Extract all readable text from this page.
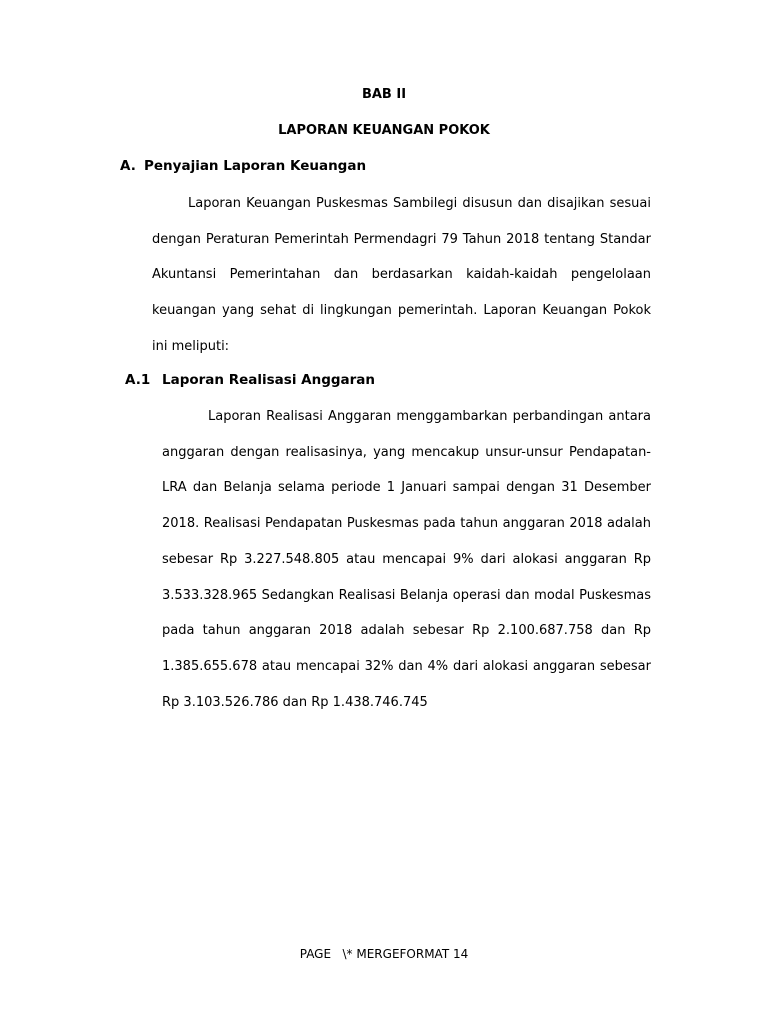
BAB II
LAPORAN KEUANGAN POKOK
A. Penyajian Laporan Keuangan

Laporan Keuangan Puskesmas Sambilegi disusun dan disajikan sesuai dengan Peraturan Pemerintah Permendagri 79 Tahun 2018 tentang Standar Akuntansi Pemerintahan dan berdasarkan kaidah-kaidah pengelolaan keuangan yang sehat di lingkungan pemerintah. Laporan Keuangan Pokok ini meliputi:

A.1 Laporan Realisasi Anggaran

Laporan Realisasi Anggaran menggambarkan perbandingan antara anggaran dengan realisasinya, yang mencakup unsur-unsur Pendapatan-LRA dan Belanja selama periode 1 Januari sampai dengan 31 Desember 2018. Realisasi Pendapatan Puskesmas pada tahun anggaran 2018 adalah sebesar Rp 3.227.548.805 atau mencapai 9% dari alokasi anggaran Rp 3.533.328.965 Sedangkan Realisasi Belanja operasi dan modal Puskesmas pada tahun anggaran 2018 adalah sebesar Rp 2.100.687.758 dan Rp 1.385.655.678 atau mencapai 32% dan 4% dari alokasi anggaran sebesar Rp 3.103.526.786 dan Rp 1.438.746.745

PAGE   \* MERGEFORMAT 14
